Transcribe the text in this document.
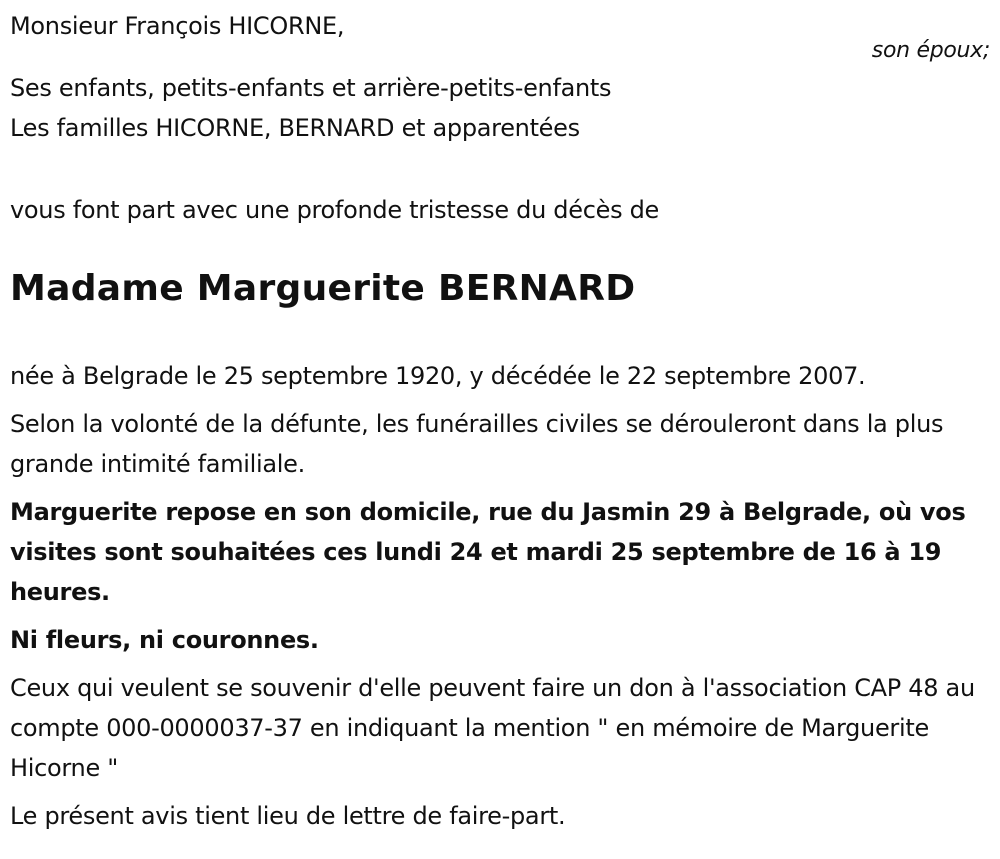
Monsieur François HICORNE,
son époux;
Ses enfants, petits-enfants et arrière-petits-enfants
Les familles HICORNE, BERNARD et apparentées
vous font part avec une profonde tristesse du décès de
Madame Marguerite BERNARD

née à Belgrade le 25 septembre 1920, y décédée le 22 septembre 2007.

Selon la volonté de la défunte, les funérailles civiles se dérouleront dans la plus grande intimité familiale.

Marguerite repose en son domicile, rue du Jasmin 29 à Belgrade, où vos visites sont souhaitées ces lundi 24 et mardi 25 septembre de 16 à 19 heures.

Ni fleurs, ni couronnes.

Ceux qui veulent se souvenir d'elle peuvent faire un don à l'association CAP 48 au compte 000-0000037-37 en indiquant la mention " en mémoire de Marguerite Hicorne "

Le présent avis tient lieu de lettre de faire-part.
